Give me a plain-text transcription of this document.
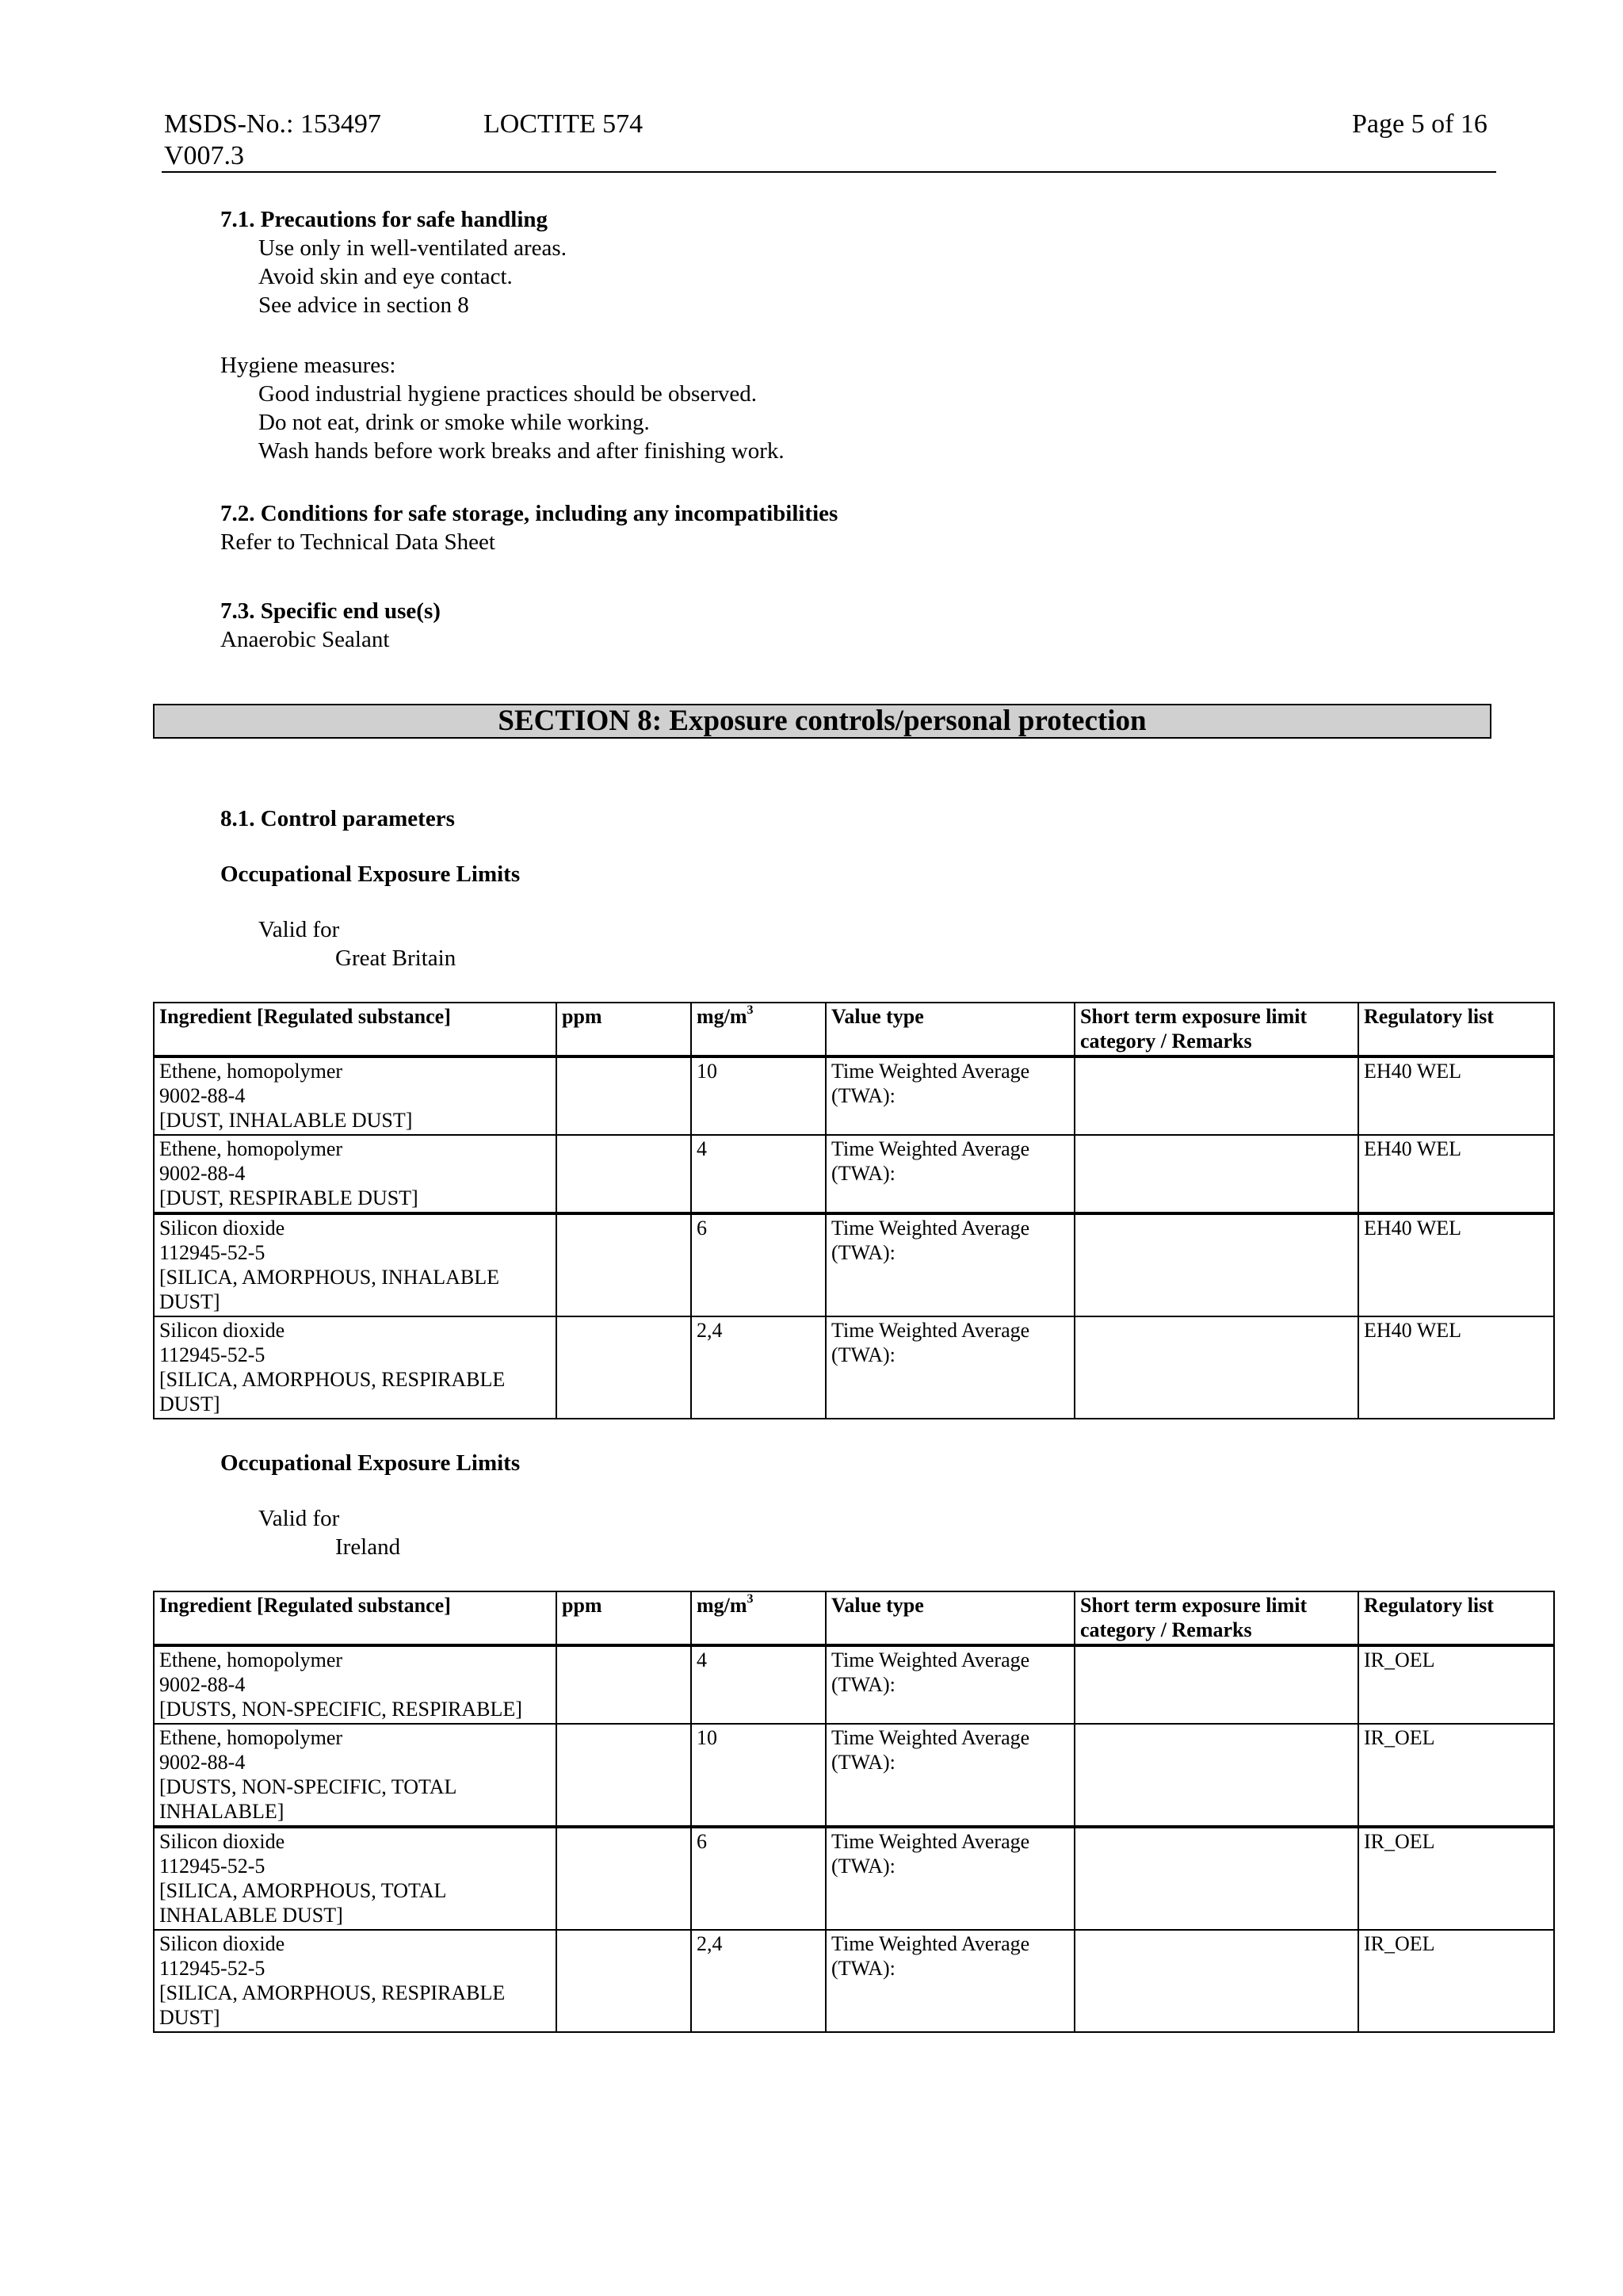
MSDS-No.: 153497
V007.3
LOCTITE 574	Page 5 of 16

7.1. Precautions for safe handling

Use only in well-ventilated areas.

Avoid skin and eye contact.

See advice in section 8

Hygiene measures:

Good industrial hygiene practices should be observed.

Do not eat, drink or smoke while working.

Wash hands before work breaks and after finishing work.

7.2. Conditions for safe storage, including any incompatibilities

Refer to Technical Data Sheet

7.3. Specific end use(s)

Anaerobic Sealant

SECTION 8: Exposure controls/personal protection

8.1. Control parameters

Occupational Exposure Limits

Valid for

Great Britain

Ingredient [Regulated substance]	ppm	$mg/m^3$	Value type	Short term exposure limit category / Remarks	Regulatory list

Ethene, homopolymer
9002-88-4
[DUST, INHALABLE DUST]		10	Time Weighted Average (TWA):		EH40 WEL

Ethene, homopolymer
9002-88-4
[DUST, RESPIRABLE DUST]		4	Time Weighted Average (TWA):		EH40 WEL

Silicon dioxide
112945-52-5
[SILICA, AMORPHOUS, INHALABLE DUST]		6	Time Weighted Average (TWA):		EH40 WEL

Silicon dioxide
112945-52-5
[SILICA, AMORPHOUS, RESPIRABLE DUST]		2,4	Time Weighted Average (TWA):		EH40 WEL

Occupational Exposure Limits

Valid for

Ireland

Ingredient [Regulated substance]	ppm	$mg/m^3$	Value type	Short term exposure limit category / Remarks	Regulatory list

Ethene, homopolymer
9002-88-4
[DUSTS, NON-SPECIFIC, RESPIRABLE]		4	Time Weighted Average (TWA):		IR_OEL

Ethene, homopolymer
9002-88-4
[DUSTS, NON-SPECIFIC, TOTAL INHALABLE]		10	Time Weighted Average (TWA):		IR_OEL

Silicon dioxide
112945-52-5
[SILICA, AMORPHOUS, TOTAL INHALABLE DUST]		6	Time Weighted Average (TWA):		IR_OEL

Silicon dioxide
112945-52-5
[SILICA, AMORPHOUS, RESPIRABLE DUST]		2,4	Time Weighted Average (TWA):		IR_OEL
